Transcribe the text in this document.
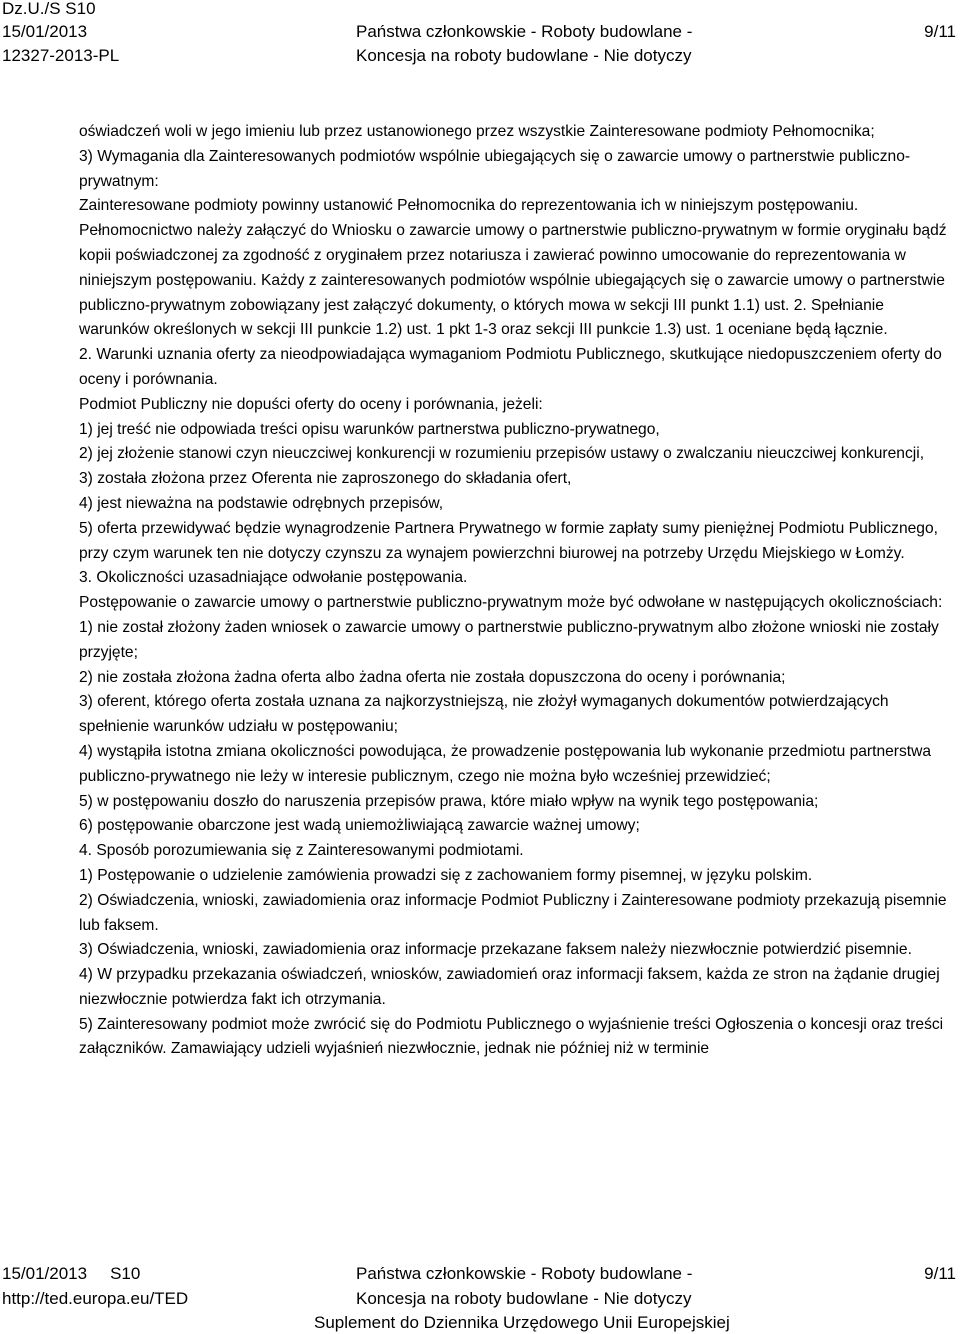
Dz.U./S S10
15/01/2013
12327-2013-PL
Państwa członkowskie - Roboty budowlane -
Koncesja na roboty budowlane - Nie dotyczy
9/11

oświadczeń woli w jego imieniu lub przez ustanowionego przez wszystkie Zainteresowane podmioty Pełnomocnika;

3) Wymagania dla Zainteresowanych podmiotów wspólnie ubiegających się o zawarcie umowy o partnerstwie publiczno-prywatnym:

Zainteresowane podmioty powinny ustanowić Pełnomocnika do reprezentowania ich w niniejszym postępowaniu. Pełnomocnictwo należy załączyć do Wniosku o zawarcie umowy o partnerstwie publiczno-prywatnym w formie oryginału bądź kopii poświadczonej za zgodność z oryginałem przez notariusza i zawierać powinno umocowanie do reprezentowania w niniejszym postępowaniu. Każdy z zainteresowanych podmiotów wspólnie ubiegających się o zawarcie umowy o partnerstwie publiczno-prywatnym zobowiązany jest załączyć dokumenty, o których mowa w sekcji III punkt 1.1) ust. 2. Spełnianie warunków określonych w sekcji III punkcie 1.2) ust. 1 pkt 1-3 oraz sekcji III punkcie 1.3) ust. 1 oceniane będą łącznie.

2. Warunki uznania oferty za nieodpowiadająca wymaganiom Podmiotu Publicznego, skutkujące niedopuszczeniem oferty do oceny i porównania.

Podmiot Publiczny nie dopuści oferty do oceny i porównania, jeżeli:

1) jej treść nie odpowiada treści opisu warunków partnerstwa publiczno-prywatnego,

2) jej złożenie stanowi czyn nieuczciwej konkurencji w rozumieniu przepisów ustawy o zwalczaniu nieuczciwej konkurencji,

3) została złożona przez Oferenta nie zaproszonego do składania ofert,

4) jest nieważna na podstawie odrębnych przepisów,

5) oferta przewidywać będzie wynagrodzenie Partnera Prywatnego w formie zapłaty sumy pieniężnej Podmiotu Publicznego, przy czym warunek ten nie dotyczy czynszu za wynajem powierzchni biurowej na potrzeby Urzędu Miejskiego w Łomży.

3. Okoliczności uzasadniające odwołanie postępowania.

Postępowanie o zawarcie umowy o partnerstwie publiczno-prywatnym może być odwołane w następujących okolicznościach:

1) nie został złożony żaden wniosek o zawarcie umowy o partnerstwie publiczno-prywatnym albo złożone wnioski nie zostały przyjęte;

2) nie została złożona żadna oferta albo żadna oferta nie została dopuszczona do oceny i porównania;

3) oferent, którego oferta została uznana za najkorzystniejszą, nie złożył wymaganych dokumentów potwierdzających spełnienie warunków udziału w postępowaniu;

4) wystąpiła istotna zmiana okoliczności powodująca, że prowadzenie postępowania lub wykonanie przedmiotu partnerstwa publiczno-prywatnego nie leży w interesie publicznym, czego nie można było wcześniej przewidzieć;

5) w postępowaniu doszło do naruszenia przepisów prawa, które miało wpływ na wynik tego postępowania;

6) postępowanie obarczone jest wadą uniemożliwiającą zawarcie ważnej umowy;

4. Sposób porozumiewania się z Zainteresowanymi podmiotami.

1) Postępowanie o udzielenie zamówienia prowadzi się z zachowaniem formy pisemnej, w języku polskim.

2) Oświadczenia, wnioski, zawiadomienia oraz informacje Podmiot Publiczny i Zainteresowane podmioty przekazują pisemnie lub faksem.

3) Oświadczenia, wnioski, zawiadomienia oraz informacje przekazane faksem należy niezwłocznie potwierdzić pisemnie.

4) W przypadku przekazania oświadczeń, wniosków, zawiadomień oraz informacji faksem, każda ze stron na żądanie drugiej niezwłocznie potwierdza fakt ich otrzymania.

5) Zainteresowany podmiot może zwrócić się do Podmiotu Publicznego o wyjaśnienie treści Ogłoszenia o koncesji oraz treści załączników. Zamawiający udzieli wyjaśnień niezwłocznie, jednak nie później niż w terminie

15/01/2013 S10
http://ted.europa.eu/TED
Państwa członkowskie - Roboty budowlane -
Koncesja na roboty budowlane - Nie dotyczy
Suplement do Dziennika Urzędowego Unii Europejskiej
9/11
